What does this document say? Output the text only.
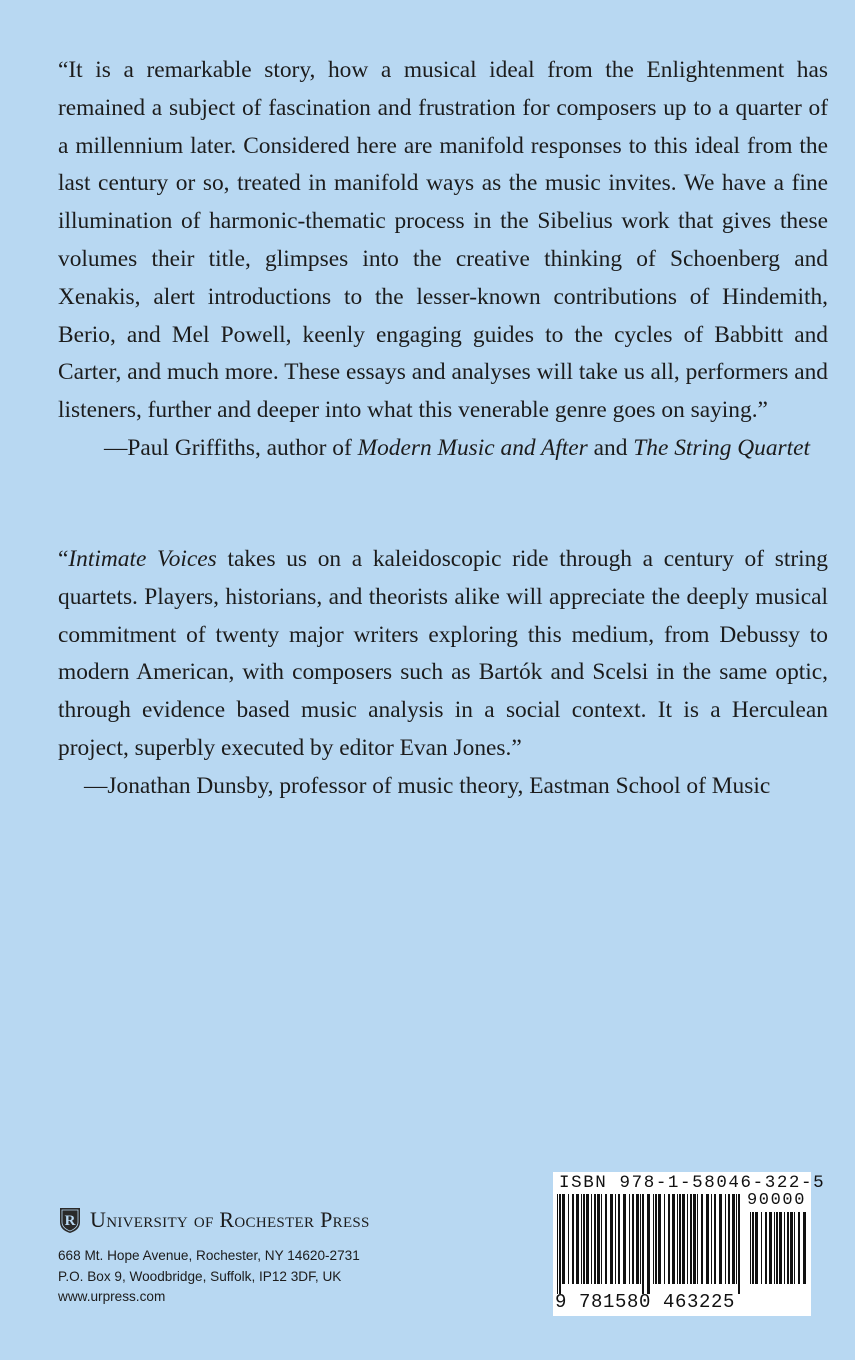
“It is a remarkable story, how a musical ideal from the Enlightenment has remained a subject of fascination and frustration for composers up to a quarter of a millennium later. Considered here are manifold responses to this ideal from the last century or so, treated in manifold ways as the music invites. We have a fine illumination of harmonic-thematic process in the Sibelius work that gives these volumes their title, glimpses into the creative thinking of Schoenberg and Xenakis, alert introductions to the lesser-known contributions of Hindemith, Berio, and Mel Powell, keenly engaging guides to the cycles of Babbitt and Carter, and much more. These essays and analyses will take us all, performers and listeners, further and deeper into what this venerable genre goes on saying.”
—Paul Griffiths, author of Modern Music and After and The String Quartet
“Intimate Voices takes us on a kaleidoscopic ride through a century of string quartets. Players, historians, and theorists alike will appreciate the deeply musical commitment of twenty major writers exploring this medium, from Debussy to modern American, with composers such as Bartók and Scelsi in the same optic, through evidence based music analysis in a social context. It is a Herculean project, superbly executed by editor Evan Jones.”
—Jonathan Dunsby, professor of music theory, Eastman School of Music
R University of Rochester Press
668 Mt. Hope Avenue, Rochester, NY 14620-2731
P.O. Box 9, Woodbridge, Suffolk, IP12 3DF, UK
www.urpress.com
ISBN 978-1-58046-322-5
90000
9 781580 463225
